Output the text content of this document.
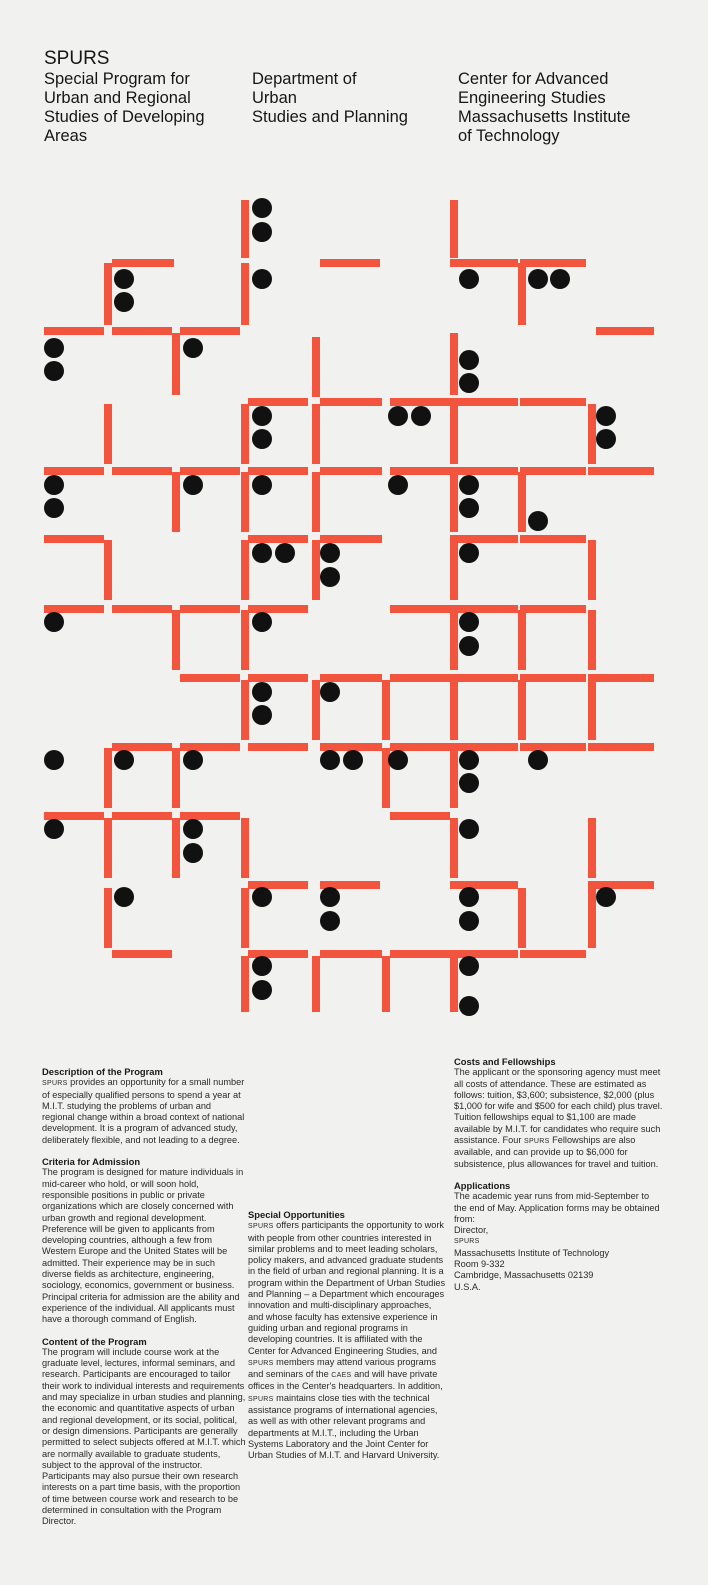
SPURS
Special Program for
Urban and Regional
Studies of Developing
Areas
Department of
Urban
Studies and Planning
Center for Advanced
Engineering Studies
Massachusetts Institute
of Technology
Description of the Program

SPURS provides an opportunity for a small number of especially qualified persons to spend a year at M.I.T. studying the problems of urban and regional change within a broad context of national development. It is a program of advanced study, deliberately flexible, and not leading to a degree.

Criteria for Admission

The program is designed for mature individuals in mid-career who hold, or will soon hold, responsible positions in public or private organizations which are closely concerned with urban growth and regional development. Preference will be given to applicants from developing countries, although a few from Western Europe and the United States will be admitted. Their experience may be in such diverse fields as architecture, engineering, sociology, economics, government or business. Principal criteria for admission are the ability and experience of the individual. All applicants must have a thorough command of English.

Content of the Program

The program will include course work at the graduate level, lectures, informal seminars, and research. Participants are encouraged to tailor their work to individual interests and requirements and may specialize in urban studies and planning, the economic and quantitative aspects of urban and regional development, or its social, political, or design dimensions. Participants are generally permitted to select subjects offered at M.I.T. which are normally available to graduate students, subject to the approval of the instructor. Participants may also pursue their own research interests on a part time basis, with the proportion of time between course work and research to be determined in consultation with the Program Director.

Special Opportunities

SPURS offers participants the opportunity to work with people from other countries interested in similar problems and to meet leading scholars, policy makers, and advanced graduate students in the field of urban and regional planning. It is a program within the Department of Urban Studies and Planning – a Department which encourages innovation and multi-disciplinary approaches, and whose faculty has extensive experience in guiding urban and regional programs in developing countries. It is affiliated with the Center for Advanced Engineering Studies, and SPURS members may attend various programs and seminars of the CAES and will have private offices in the Center's headquarters. In addition, SPURS maintains close ties with the technical assistance programs of international agencies, as well as with other relevant programs and departments at M.I.T., including the Urban Systems Laboratory and the Joint Center for Urban Studies of M.I.T. and Harvard University.

Costs and Fellowships

The applicant or the sponsoring agency must meet all costs of attendance. These are estimated as follows: tuition, $3,600; subsistence, $2,000 (plus $1,000 for wife and $500 for each child) plus travel. Tuition fellowships equal to $1,100 are made available by M.I.T. for candidates who require such assistance. Four SPURS Fellowships are also available, and can provide up to $6,000 for subsistence, plus allowances for travel and tuition.

Applications

The academic year runs from mid-September to the end of May. Application forms may be obtained from:

Director,
SPURS
Massachusetts Institute of Technology
Room 9-332
Cambridge, Massachusetts 02139
U.S.A.
